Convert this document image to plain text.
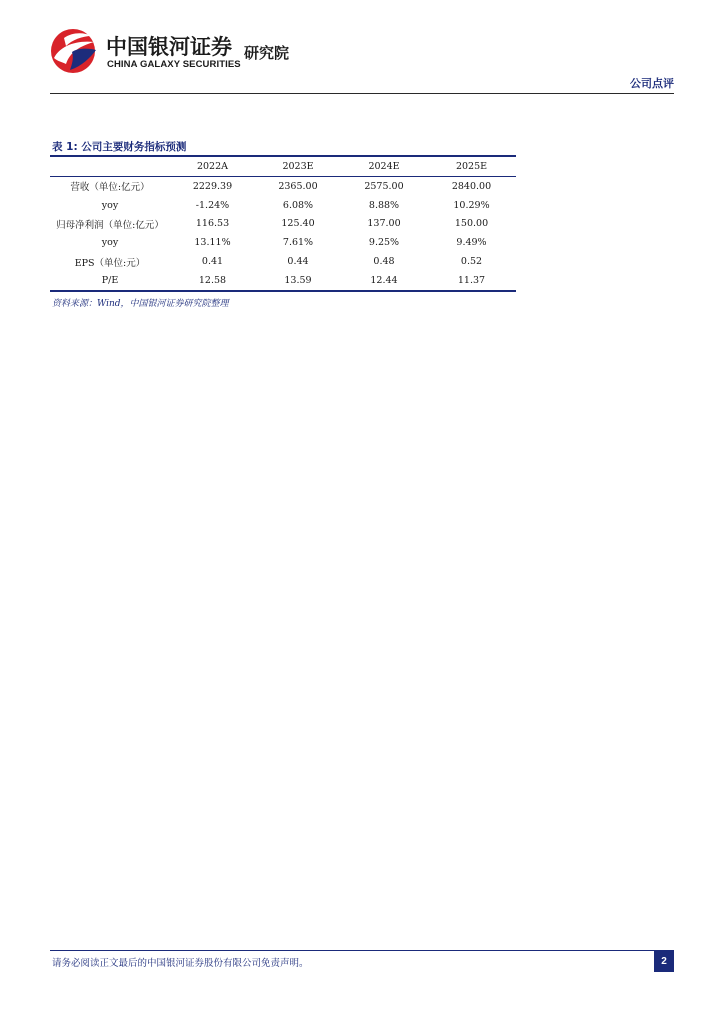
中国银河证券
CHINA GALAXY SECURITIES
研究院
公司点评
表 1: 公司主要财务指标预测
	2022A	2023E	2024E	2025E
营收（单位:亿元）	2229.39	2365.00	2575.00	2840.00
yoy	-1.24%	6.08%	8.88%	10.29%
归母净利润（单位:亿元）	116.53	125.40	137.00	150.00
yoy	13.11%	7.61%	9.25%	9.49%
EPS（单位:元）	0.41	0.44	0.48	0.52
P/E	12.58	13.59	12.44	11.37
资料来源：Wind，中国银河证券研究院整理
请务必阅读正文最后的中国银河证券股份有限公司免责声明。	2
